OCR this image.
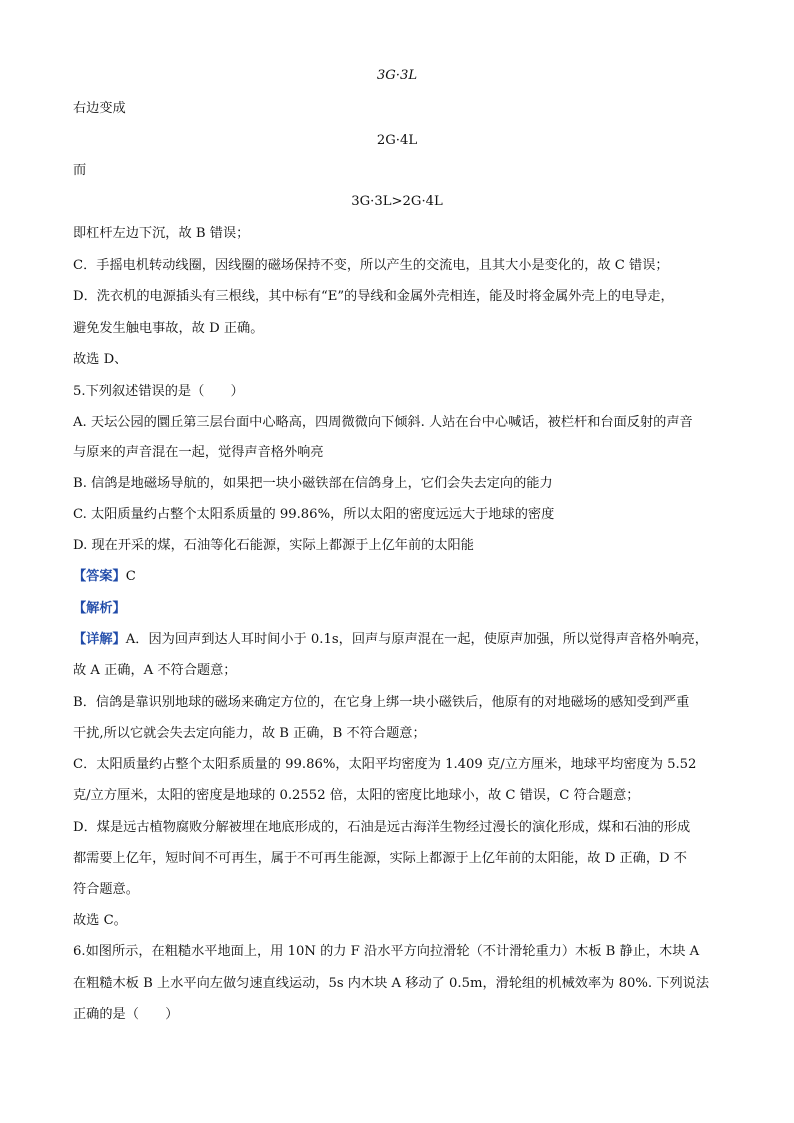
3G·3L
右边变成
2G·4L
而
3G·3L>2G·4L
即杠杆左边下沉，故 B 错误；
C．手摇电机转动线圈，因线圈的磁场保持不变，所以产生的交流电，且其大小是变化的，故 C 错误；
D．洗衣机的电源插头有三根线，其中标有“E”的导线和金属外壳相连，能及时将金属外壳上的电导走，
避免发生触电事故，故 D 正确。
故选 D、
5.下列叙述错误的是（　　）
A. 天坛公园的圜丘第三层台面中心略高，四周微微向下倾斜. 人站在台中心喊话，被栏杆和台面反射的声音
与原来的声音混在一起，觉得声音格外响亮
B. 信鸽是地磁场导航的，如果把一块小磁铁部在信鸽身上，它们会失去定向的能力
C. 太阳质量约占整个太阳系质量的 99.86%，所以太阳的密度远远大于地球的密度
D. 现在开采的煤，石油等化石能源，实际上都源于上亿年前的太阳能
【答案】C
【解析】
【详解】A．因为回声到达人耳时间小于 0.1s，回声与原声混在一起，使原声加强，所以觉得声音格外响亮，
故 A 正确，A 不符合题意；
B．信鸽是靠识别地球的磁场来确定方位的，在它身上绑一块小磁铁后，他原有的对地磁场的感知受到严重
干扰,所以它就会失去定向能力，故 B 正确，B 不符合题意；
C．太阳质量约占整个太阳系质量的 99.86%，太阳平均密度为 1.409 克/立方厘米，地球平均密度为 5.52
克/立方厘米，太阳的密度是地球的 0.2552 倍，太阳的密度比地球小，故 C 错误，C 符合题意；
D．煤是远古植物腐败分解被埋在地底形成的，石油是远古海洋生物经过漫长的演化形成，煤和石油的形成
都需要上亿年，短时间不可再生，属于不可再生能源，实际上都源于上亿年前的太阳能，故 D 正确，D 不
符合题意。
故选 C。
6.如图所示，在粗糙水平地面上，用 10N 的力 F 沿水平方向拉滑轮（不计滑轮重力）木板 B 静止，木块 A
在粗糙木板 B 上水平向左做匀速直线运动，5s 内木块 A 移动了 0.5m，滑轮组的机械效率为 80%. 下列说法
正确的是（　　）
